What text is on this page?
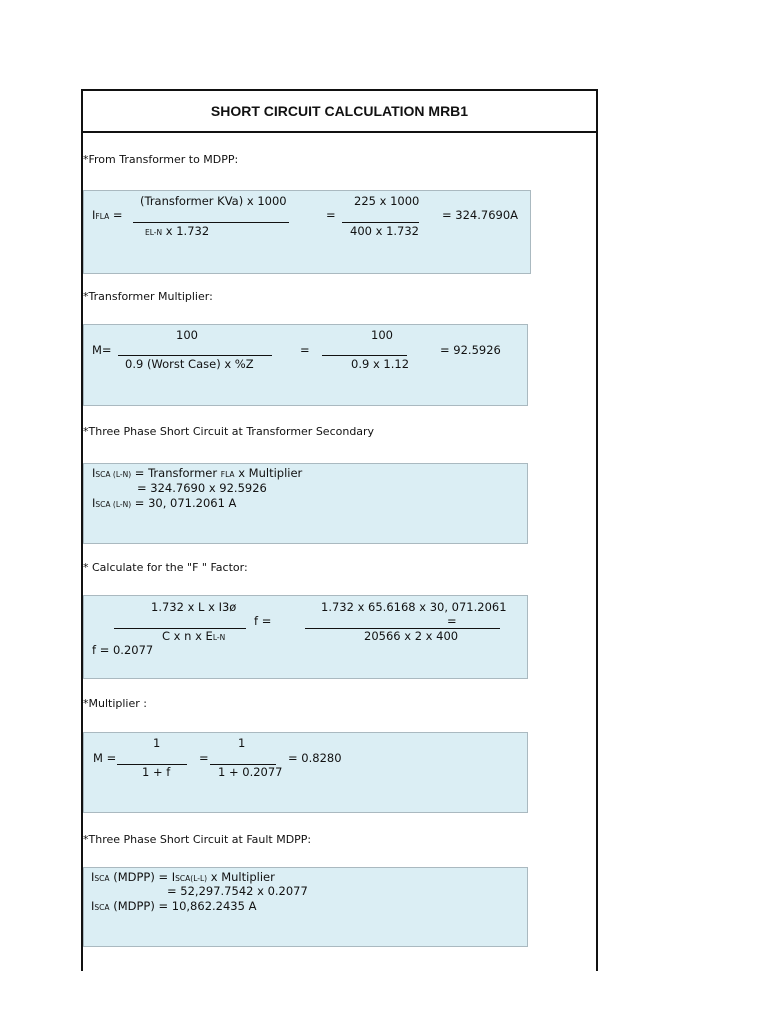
SHORT CIRCUIT CALCULATION MRB1
*From Transformer to MDPP:
IFLA =
(Transformer KVa) x 1000
EL-N x 1.732
=
225 x 1000
400 x 1.732
= 324.7690A
*Transformer Multiplier:
M=
100
0.9 (Worst Case) x %Z
=
100
0.9 x 1.12
= 92.5926
*Three Phase Short Circuit at Transformer Secondary
ISCA (L-N) = Transformer FLA x Multiplier
= 324.7690 x 92.5926
ISCA (L-N) = 30, 071.2061 A
* Calculate for the "F " Factor:
1.732 x L x I3ø
C x n x EL-N
f =
1.732 x 65.6168 x 30, 071.2061
=
20566 x 2 x 400
f = 0.2077
*Multiplier :
M =
1
1 + f
=
1
1 + 0.2077
= 0.8280
*Three Phase Short Circuit at Fault MDPP:
ISCA (MDPP) = ISCA(L-L) x Multiplier
= 52,297.7542 x 0.2077
ISCA (MDPP) = 10,862.2435 A
